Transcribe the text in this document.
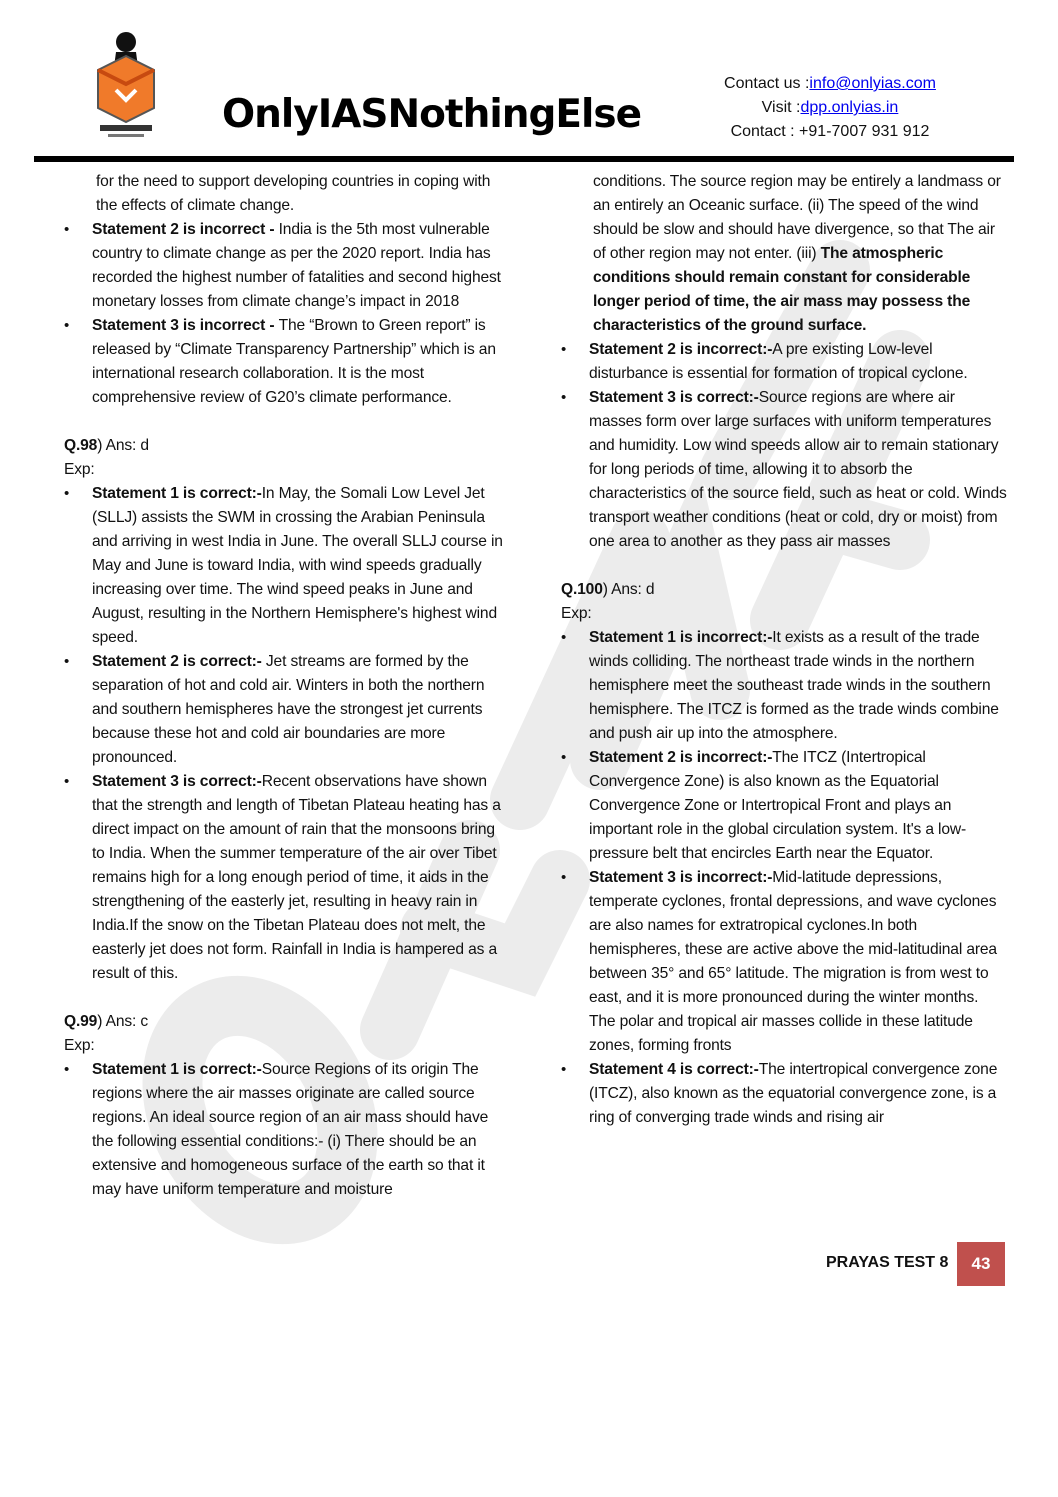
OnlyIASNothingElse
Contact us :info@onlyias.com
Visit :dpp.onlyias.in
Contact : +91-7007 931 912

for the need to support developing countries in coping with the effects of climate change.

• Statement 2 is incorrect - India is the 5th most vulnerable country to climate change as per the 2020 report. India has recorded the highest number of fatalities and second highest monetary losses from climate change’s impact in 2018

• Statement 3 is incorrect - The “Brown to Green report” is released by “Climate Transparency Partnership” which is an international research collaboration. It is the most comprehensive review of G20’s climate performance.

Q.98) Ans: d

Exp:

• Statement 1 is correct:-In May, the Somali Low Level Jet (SLLJ) assists the SWM in crossing the Arabian Peninsula and arriving in west India in June. The overall SLLJ course in May and June is toward India, with wind speeds gradually increasing over time. The wind speed peaks in June and August, resulting in the Northern Hemisphere's highest wind speed.

• Statement 2 is correct:- Jet streams are formed by the separation of hot and cold air. Winters in both the northern and southern hemispheres have the strongest jet currents because these hot and cold air boundaries are more pronounced.

• Statement 3 is correct:-Recent observations have shown that the strength and length of Tibetan Plateau heating has a direct impact on the amount of rain that the monsoons bring to India. When the summer temperature of the air over Tibet remains high for a long enough period of time, it aids in the strengthening of the easterly jet, resulting in heavy rain in India.If the snow on the Tibetan Plateau does not melt, the easterly jet does not form. Rainfall in India is hampered as a result of this.

Q.99) Ans: c

Exp:

• Statement 1 is correct:-Source Regions of its origin The regions where the air masses originate are called source regions. An ideal source region of an air mass should have the following essential conditions:- (i) There should be an extensive and homogeneous surface of the earth so that it may have uniform temperature and moisture

conditions. The source region may be entirely a landmass or an entirely an Oceanic surface. (ii) The speed of the wind should be slow and should have divergence, so that The air of other region may not enter. (iii) The atmospheric conditions should remain constant for considerable longer period of time, the air mass may possess the characteristics of the ground surface.

• Statement 2 is incorrect:-A pre existing Low-level disturbance is essential for formation of tropical cyclone.

• Statement 3 is correct:-Source regions are where air masses form over large surfaces with uniform temperatures and humidity. Low wind speeds allow air to remain stationary for long periods of time, allowing it to absorb the characteristics of the source field, such as heat or cold. Winds transport weather conditions (heat or cold, dry or moist) from one area to another as they pass air masses

Q.100) Ans: d

Exp:

• Statement 1 is incorrect:-It exists as a result of the trade winds colliding. The northeast trade winds in the northern hemisphere meet the southeast trade winds in the southern hemisphere. The ITCZ is formed as the trade winds combine and push air up into the atmosphere.

• Statement 2 is incorrect:-The ITCZ (Intertropical Convergence Zone) is also known as the Equatorial Convergence Zone or Intertropical Front and plays an important role in the global circulation system. It's a low-pressure belt that encircles Earth near the Equator.

• Statement 3 is incorrect:-Mid-latitude depressions, temperate cyclones, frontal depressions, and wave cyclones are also names for extratropical cyclones.In both hemispheres, these are active above the mid-latitudinal area between 35° and 65° latitude. The migration is from west to east, and it is more pronounced during the winter months. The polar and tropical air masses collide in these latitude zones, forming fronts

• Statement 4 is correct:-The intertropical convergence zone (ITCZ), also known as the equatorial convergence zone, is a ring of converging trade winds and rising air

PRAYAS TEST 8	43
